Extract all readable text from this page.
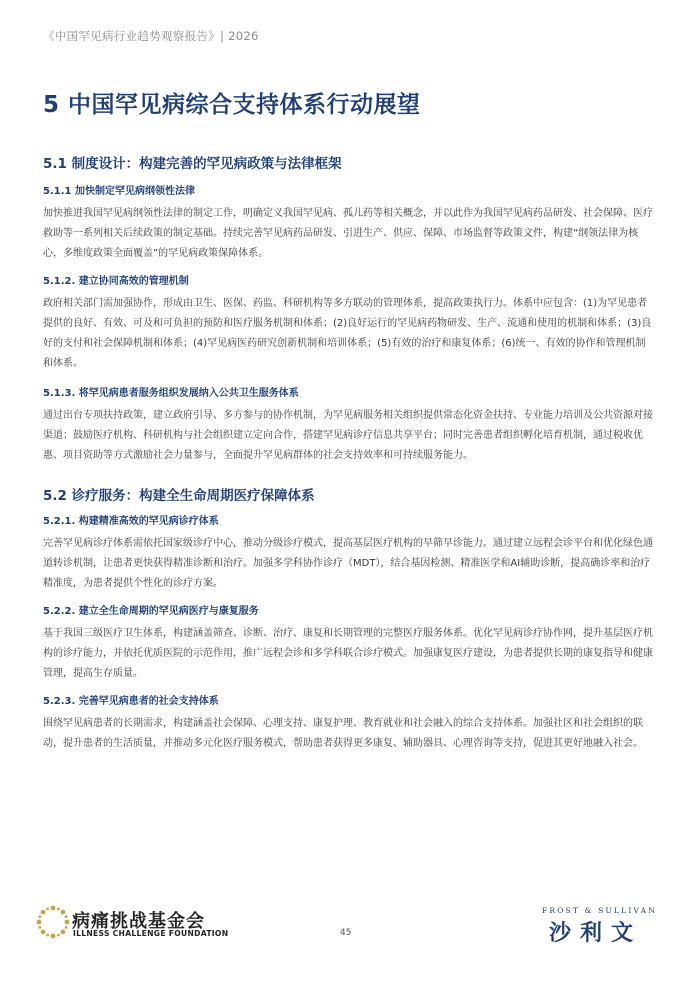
《中国罕见病行业趋势观察报告》| 2026
5 中国罕见病综合支持体系行动展望
5.1 制度设计：构建完善的罕见病政策与法律框架
5.1.1 加快制定罕见病纲领性法律
加快推进我国罕见病纲领性法律的制定工作，明确定义我国罕见病、孤儿药等相关概念，并以此作为我国罕见病药品研发、社会保障、医疗救助等一系列相关后续政策的制定基础。持续完善罕见病药品研发、引进生产、供应、保障、市场监督等政策文件，构建“纲领法律为核心，多维度政策全面覆盖”的罕见病政策保障体系。
5.1.2. 建立协同高效的管理机制
政府相关部门需加强协作，形成由卫生、医保、药监、科研机构等多方联动的管理体系，提高政策执行力。体系中应包含：(1)为罕见患者提供的良好、有效、可及和可负担的预防和医疗服务机制和体系；(2)良好运行的罕见病药物研发、生产、流通和使用的机制和体系；(3)良好的支付和社会保障机制和体系；(4)罕见病医药研究创新机制和培训体系；(5)有效的治疗和康复体系；(6)统一、有效的协作和管理机制和体系。
5.1.3. 将罕见病患者服务组织发展纳入公共卫生服务体系
通过出台专项扶持政策，建立政府引导、多方参与的协作机制，为罕见病服务相关组织提供常态化资金扶持、专业能力培训及公共资源对接渠道；鼓励医疗机构、科研机构与社会组织建立定向合作，搭建罕见病诊疗信息共享平台；同时完善患者组织孵化培育机制，通过税收优惠、项目资助等方式激励社会力量参与，全面提升罕见病群体的社会支持效率和可持续服务能力。
5.2 诊疗服务：构建全生命周期医疗保障体系
5.2.1. 构建精准高效的罕见病诊疗体系
完善罕见病诊疗体系需依托国家级诊疗中心，推动分级诊疗模式，提高基层医疗机构的早筛早诊能力。通过建立远程会诊平台和优化绿色通道转诊机制，让患者更快获得精准诊断和治疗。加强多学科协作诊疗（MDT），结合基因检测、精准医学和AI辅助诊断，提高确诊率和治疗精准度，为患者提供个性化的诊疗方案。
5.2.2. 建立全生命周期的罕见病医疗与康复服务
基于我国三级医疗卫生体系，构建涵盖筛查、诊断、治疗、康复和长期管理的完整医疗服务体系。优化罕见病诊疗协作网，提升基层医疗机构的诊疗能力，并依托优质医院的示范作用，推广远程会诊和多学科联合诊疗模式。加强康复医疗建设，为患者提供长期的康复指导和健康管理，提高生存质量。
5.2.3. 完善罕见病患者的社会支持体系
围绕罕见病患者的长期需求，构建涵盖社会保障、心理支持、康复护理、教育就业和社会融入的综合支持体系。加强社区和社会组织的联动，提升患者的生活质量，并推动多元化医疗服务模式，帮助患者获得更多康复、辅助器具、心理咨询等支持，促进其更好地融入社会。
病痛挑战基金会
ILLNESS CHALLENGE FOUNDATION	45
FROST & SULLIVAN
沙利文
